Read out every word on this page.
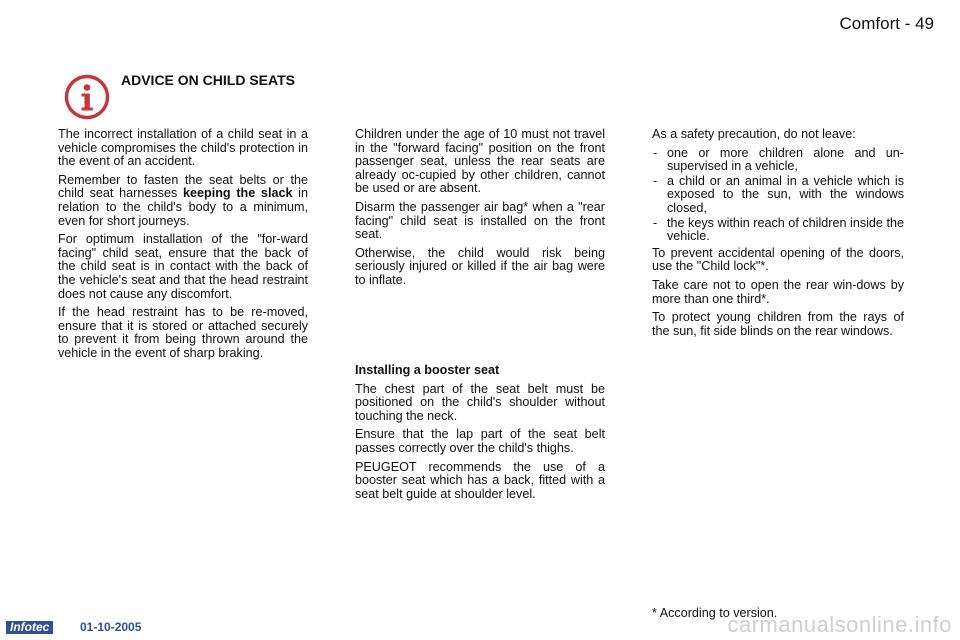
Comfort - 49
ADVICE ON CHILD SEATS

The incorrect installation of a child seat in a vehicle compromises the child's protection in the event of an accident.

Remember to fasten the seat belts or the child seat harnesses keeping the slack in relation to the child's body to a minimum, even for short journeys.

For optimum installation of the "for-ward facing" child seat, ensure that the back of the child seat is in contact with the back of the vehicle's seat and that the head restraint does not cause any discomfort.

If the head restraint has to be re-moved, ensure that it is stored or attached securely to prevent it from being thrown around the vehicle in the event of sharp braking.

Children under the age of 10 must not travel in the "forward facing" position on the front passenger seat, unless the rear seats are already oc-cupied by other children, cannot be used or are absent.

Disarm the passenger air bag* when a "rear facing" child seat is installed on the front seat.

Otherwise, the child would risk being seriously injured or killed if the air bag were to inflate.

Installing a booster seat

The chest part of the seat belt must be positioned on the child's shoulder without touching the neck.

Ensure that the lap part of the seat belt passes correctly over the child's thighs.

PEUGEOT recommends the use of a booster seat which has a back, fitted with a seat belt guide at shoulder level.

As a safety precaution, do not leave:

- one or more children alone and un-supervised in a vehicle,
- a child or an animal in a vehicle which is exposed to the sun, with the windows closed,
- the keys within reach of children inside the vehicle.

To prevent accidental opening of the doors, use the "Child lock"*.

Take care not to open the rear win-dows by more than one third*.

To protect young children from the rays of the sun, fit side blinds on the rear windows.

* According to version.
Infotec	01-10-2005	carmanualsonline.info
